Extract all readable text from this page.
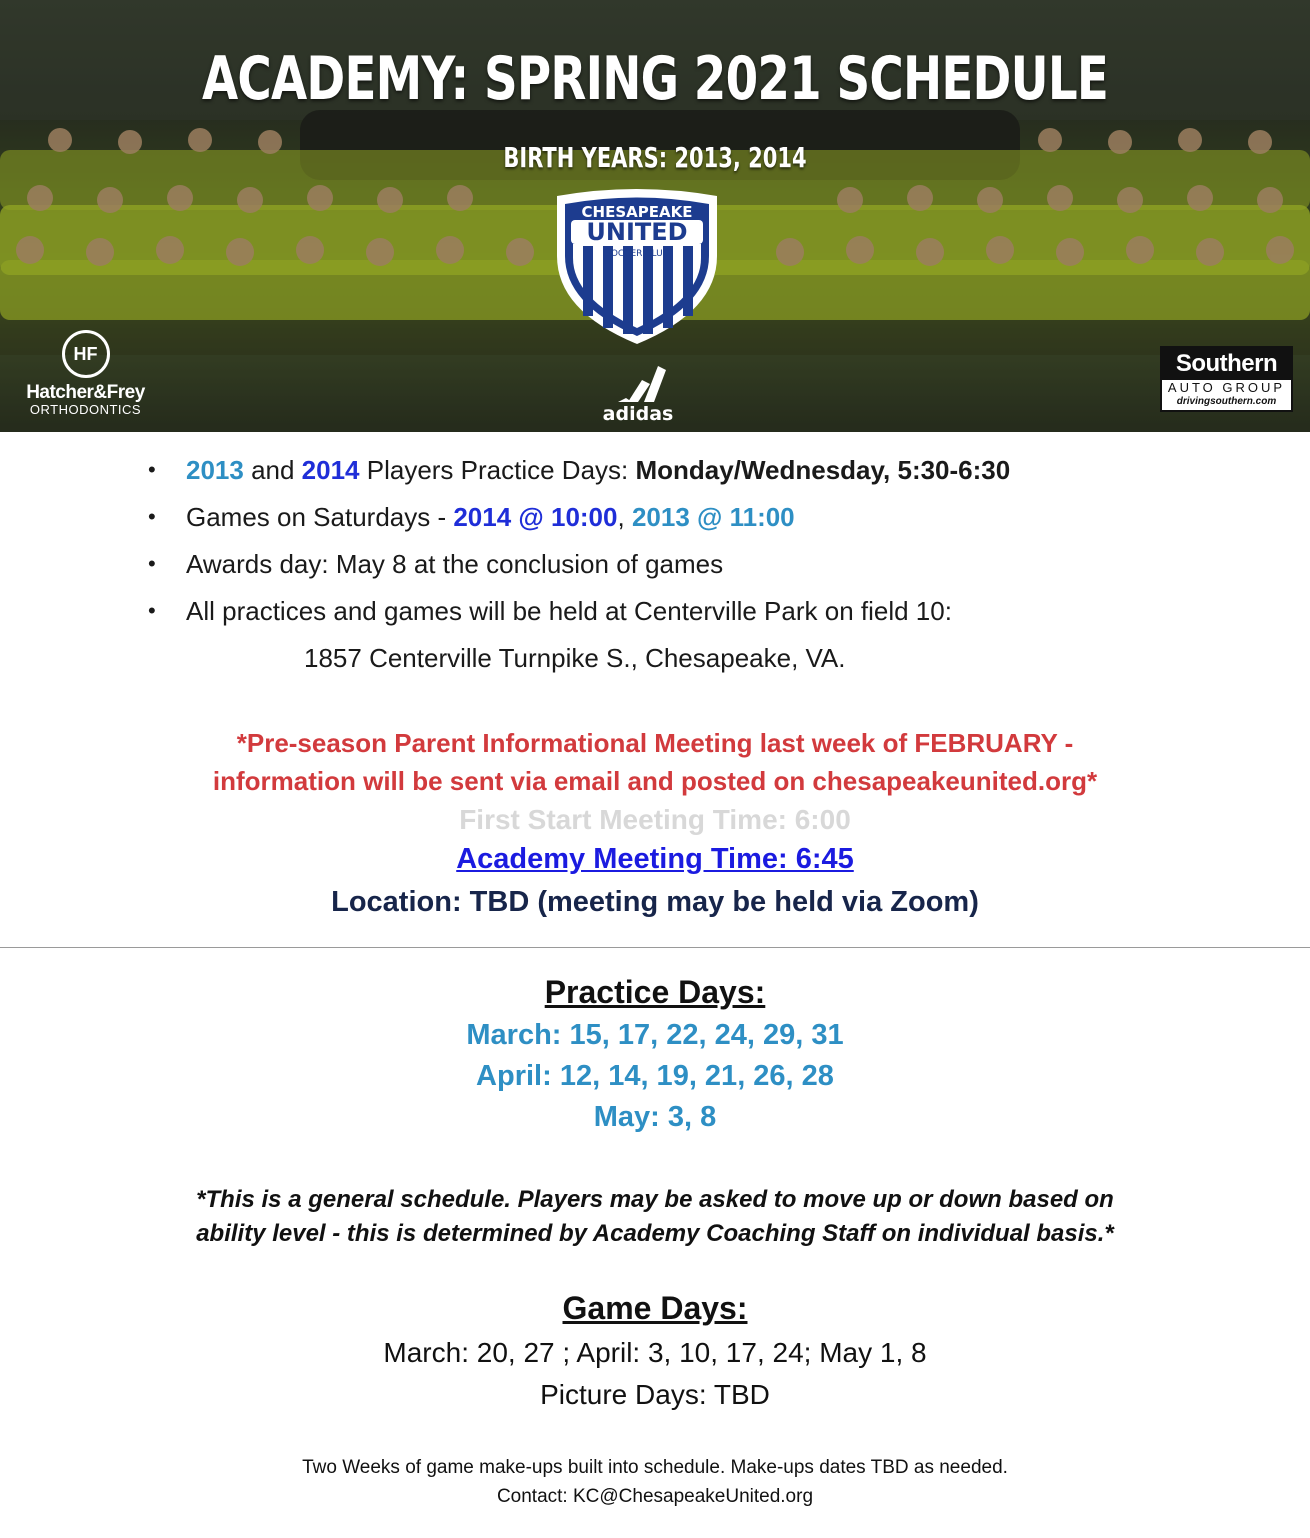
ACADEMY: SPRING 2021 SCHEDULE
BIRTH YEARS: 2013, 2014
CHESAPEAKE
UNITED
SOCCER CLUB
HF
Hatcher&Frey
ORTHODONTICS	adidas
Southern
AUTO GROUP
drivingsouthern.com
• 2013 and 2014 Players Practice Days: Monday/Wednesday, 5:30-6:30
• Games on Saturdays - 2014 @ 10:00, 2013 @ 11:00
• Awards day: May 8 at the conclusion of games
• All practices and games will be held at Centerville Park on field 10:
1857 Centerville Turnpike S., Chesapeake, VA.
*Pre-season Parent Informational Meeting last week of FEBRUARY -
information will be sent via email and posted on chesapeakeunited.org*
First Start Meeting Time: 6:00
Academy Meeting Time: 6:45
Location: TBD (meeting may be held via Zoom)
Practice Days:
March: 15, 17, 22, 24, 29, 31
April: 12, 14, 19, 21, 26, 28
May: 3, 8
*This is a general schedule. Players may be asked to move up or down based on
ability level - this is determined by Academy Coaching Staff on individual basis.*
Game Days:
March: 20, 27 ; April: 3, 10, 17, 24; May 1, 8
Picture Days: TBD
Two Weeks of game make-ups built into schedule. Make-ups dates TBD as needed.
Contact: KC@ChesapeakeUnited.org
